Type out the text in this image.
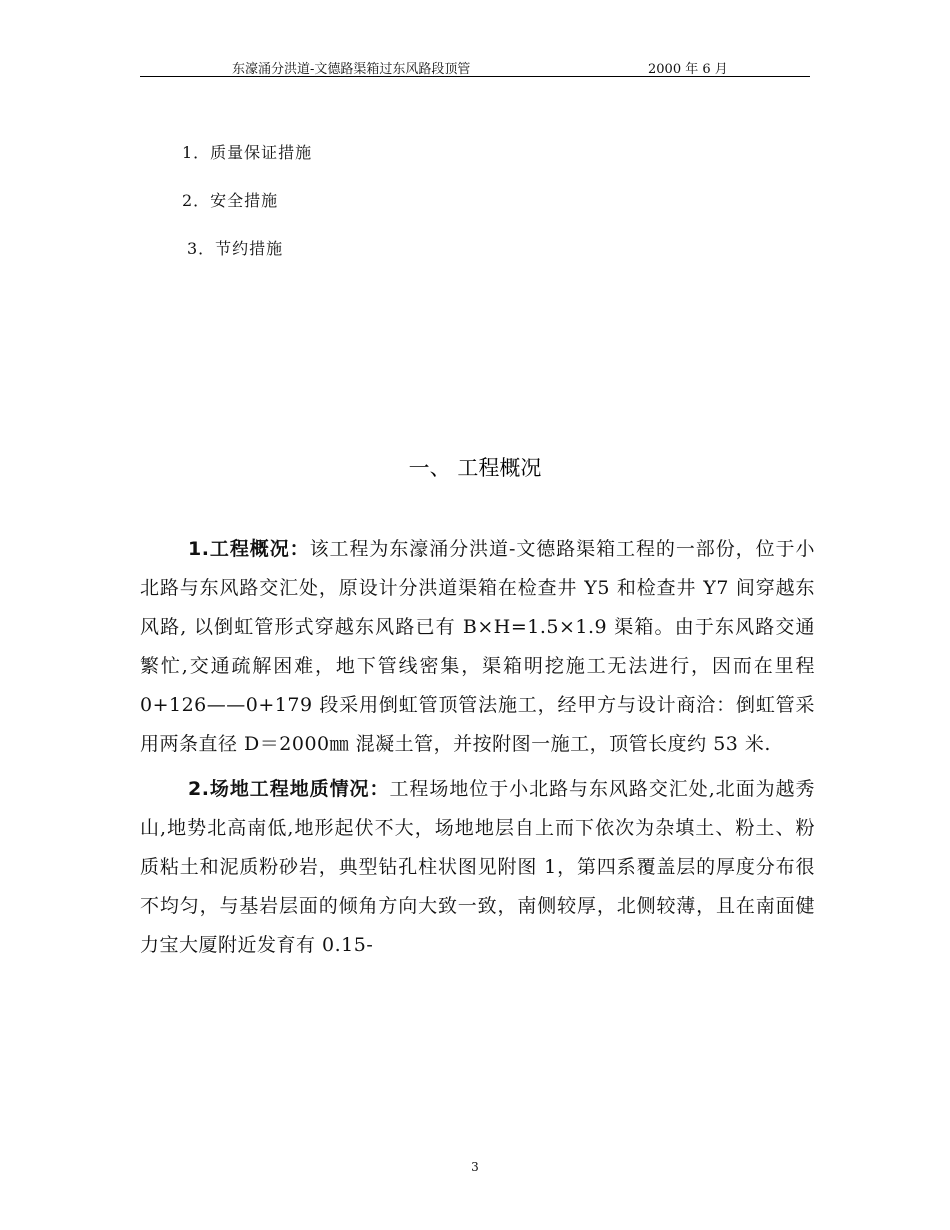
东濠涌分洪道-文德路渠箱过东风路段顶管	2000 年 6 月
1．质量保证措施
2．安全措施
3．节约措施
一、 工程概况

1.工程概况：该工程为东濠涌分洪道-文德路渠箱工程的一部份，位于小北路与东风路交汇处，原设计分洪道渠箱在检查井 Y5 和检查井 Y7 间穿越东风路, 以倒虹管形式穿越东风路已有 B×H=1.5×1.9 渠箱。由于东风路交通繁忙,交通疏解困难，地下管线密集，渠箱明挖施工无法进行，因而在里程 0+126——0+179 段采用倒虹管顶管法施工，经甲方与设计商洽：倒虹管采用两条直径 D＝2000㎜ 混凝土管，并按附图一施工，顶管长度约 53 米.

2.场地工程地质情况：工程场地位于小北路与东风路交汇处,北面为越秀山,地势北高南低,地形起伏不大，场地地层自上而下依次为杂填土、粉土、粉质粘土和泥质粉砂岩，典型钻孔柱状图见附图 1，第四系覆盖层的厚度分布很不均匀，与基岩层面的倾角方向大致一致，南侧较厚，北侧较薄，且在南面健力宝大厦附近发育有 0.15-

3
